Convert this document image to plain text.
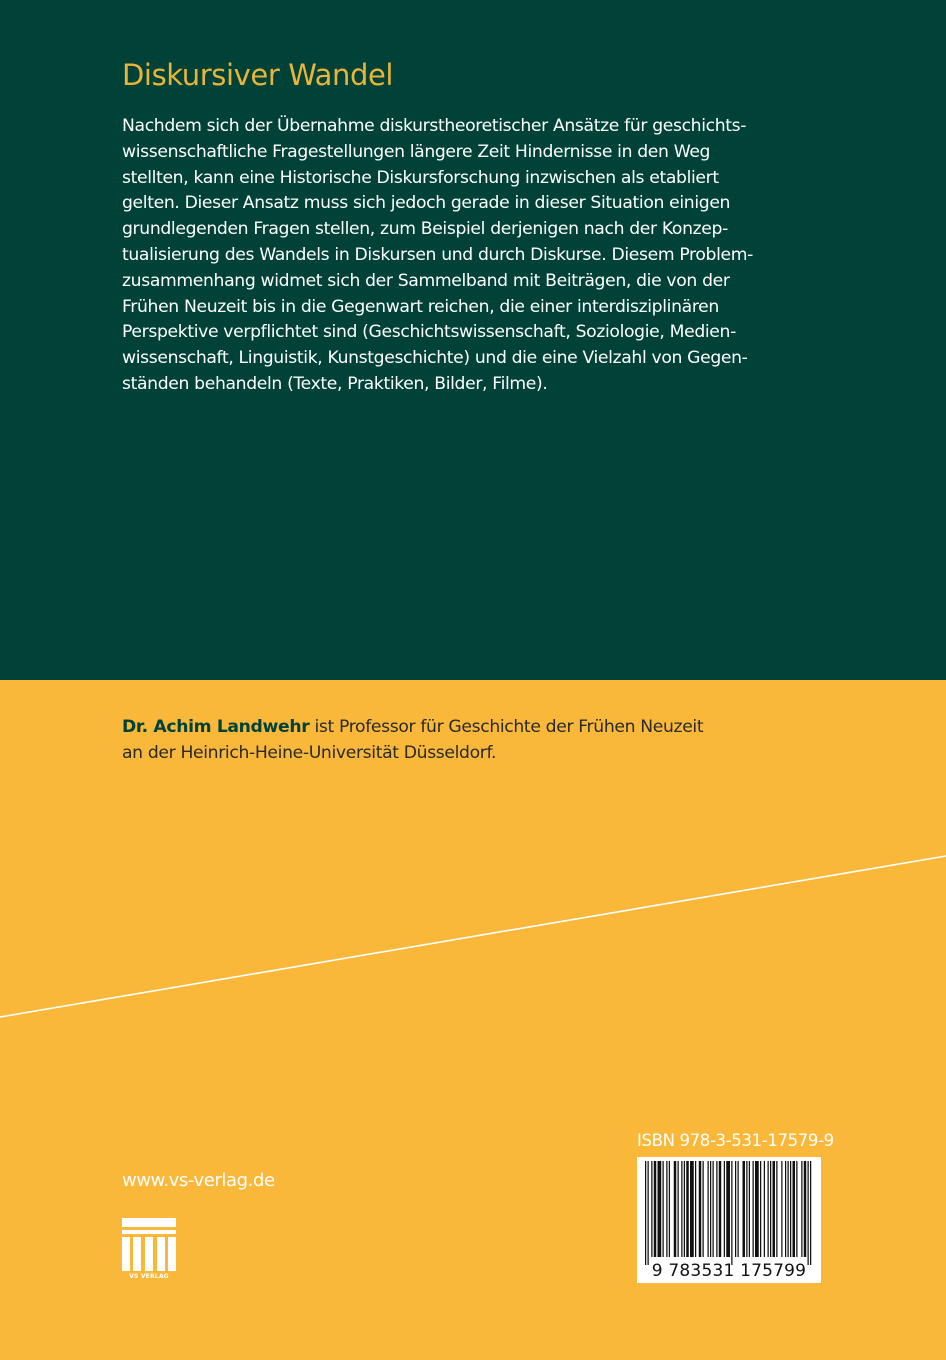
Diskursiver Wandel
Nachdem sich der Übernahme diskurstheoretischer Ansätze für geschichts-
wissenschaftliche Fragestellungen längere Zeit Hindernisse in den Weg
stellten, kann eine Historische Diskursforschung inzwischen als etabliert
gelten. Dieser Ansatz muss sich jedoch gerade in dieser Situation einigen
grundlegenden Fragen stellen, zum Beispiel derjenigen nach der Konzep-
tualisierung des Wandels in Diskursen und durch Diskurse. Diesem Problem-
zusammenhang widmet sich der Sammelband mit Beiträgen, die von der
Frühen Neuzeit bis in die Gegenwart reichen, die einer interdisziplinären
Perspektive verpflichtet sind (Geschichtswissenschaft, Soziologie, Medien-
wissenschaft, Linguistik, Kunstgeschichte) und die eine Vielzahl von Gegen-
ständen behandeln (Texte, Praktiken, Bilder, Filme).
Dr. Achim Landwehr ist Professor für Geschichte der Frühen Neuzeit
an der Heinrich-Heine-Universität Düsseldorf.
www.vs-verlag.de
VS VERLAG
ISBN 978-3-531-17579-9
9 783531 175799
